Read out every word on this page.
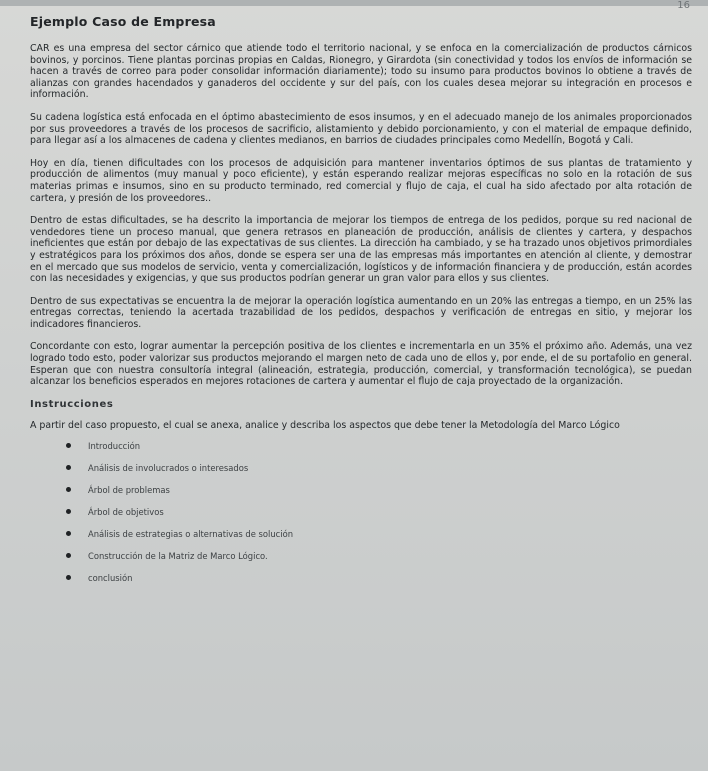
16
Ejemplo Caso de Empresa

CAR es una empresa del sector cárnico que atiende todo el territorio nacional, y se enfoca en la comercialización de productos cárnicos bovinos, y porcinos. Tiene plantas porcinas propias en Caldas, Rionegro, y Girardota (sin conectividad y todos los envíos de información se hacen a través de correo para poder consolidar información diariamente); todo su insumo para productos bovinos lo obtiene a través de alianzas con grandes hacendados y ganaderos del occidente y sur del país, con los cuales desea mejorar su integración en procesos e información.

Su cadena logística está enfocada en el óptimo abastecimiento de esos insumos, y en el adecuado manejo de los animales proporcionados por sus proveedores a través de los procesos de sacrificio, alistamiento y debido porcionamiento, y con el material de empaque definido, para llegar así a los almacenes de cadena y clientes medianos, en barrios de ciudades principales como Medellín, Bogotá y Cali.

Hoy en día, tienen dificultades con los procesos de adquisición para mantener inventarios óptimos de sus plantas de tratamiento y producción de alimentos (muy manual y poco eficiente), y están esperando realizar mejoras específicas no solo en la rotación de sus materias primas e insumos, sino en su producto terminado, red comercial y flujo de caja, el cual ha sido afectado por alta rotación de cartera, y presión de los proveedores..

Dentro de estas dificultades, se ha descrito la importancia de mejorar los tiempos de entrega de los pedidos, porque su red nacional de vendedores tiene un proceso manual, que genera retrasos en planeación de producción, análisis de clientes y cartera, y despachos ineficientes que están por debajo de las expectativas de sus clientes. La dirección ha cambiado, y se ha trazado unos objetivos primordiales y estratégicos para los próximos dos años, donde se espera ser una de las empresas más importantes en atención al cliente, y demostrar en el mercado que sus modelos de servicio, venta y comercialización, logísticos y de información financiera y de producción, están acordes con las necesidades y exigencias, y que sus productos podrían generar un gran valor para ellos y sus clientes.

Dentro de sus expectativas se encuentra la de mejorar la operación logística aumentando en un 20% las entregas a tiempo, en un 25% las entregas correctas, teniendo la acertada trazabilidad de los pedidos, despachos y verificación de entregas en sitio, y mejorar los indicadores financieros.

Concordante con esto, lograr aumentar la percepción positiva de los clientes e incrementarla en un 35% el próximo año. Además, una vez logrado todo esto, poder valorizar sus productos mejorando el margen neto de cada uno de ellos y, por ende, el de su portafolio en general. Esperan que con nuestra consultoría integral (alineación, estrategia, producción, comercial, y transformación tecnológica), se puedan alcanzar los beneficios esperados en mejores rotaciones de cartera y aumentar el flujo de caja proyectado de la organización.

Instrucciones

A partir del caso propuesto, el cual se anexa, analice y describa los aspectos que debe tener la Metodología del Marco Lógico

Introducción
Análisis de involucrados o interesados
Árbol de problemas
Árbol de objetivos
Análisis de estrategias o alternativas de solución
Construcción de la Matriz de Marco Lógico.
conclusión
